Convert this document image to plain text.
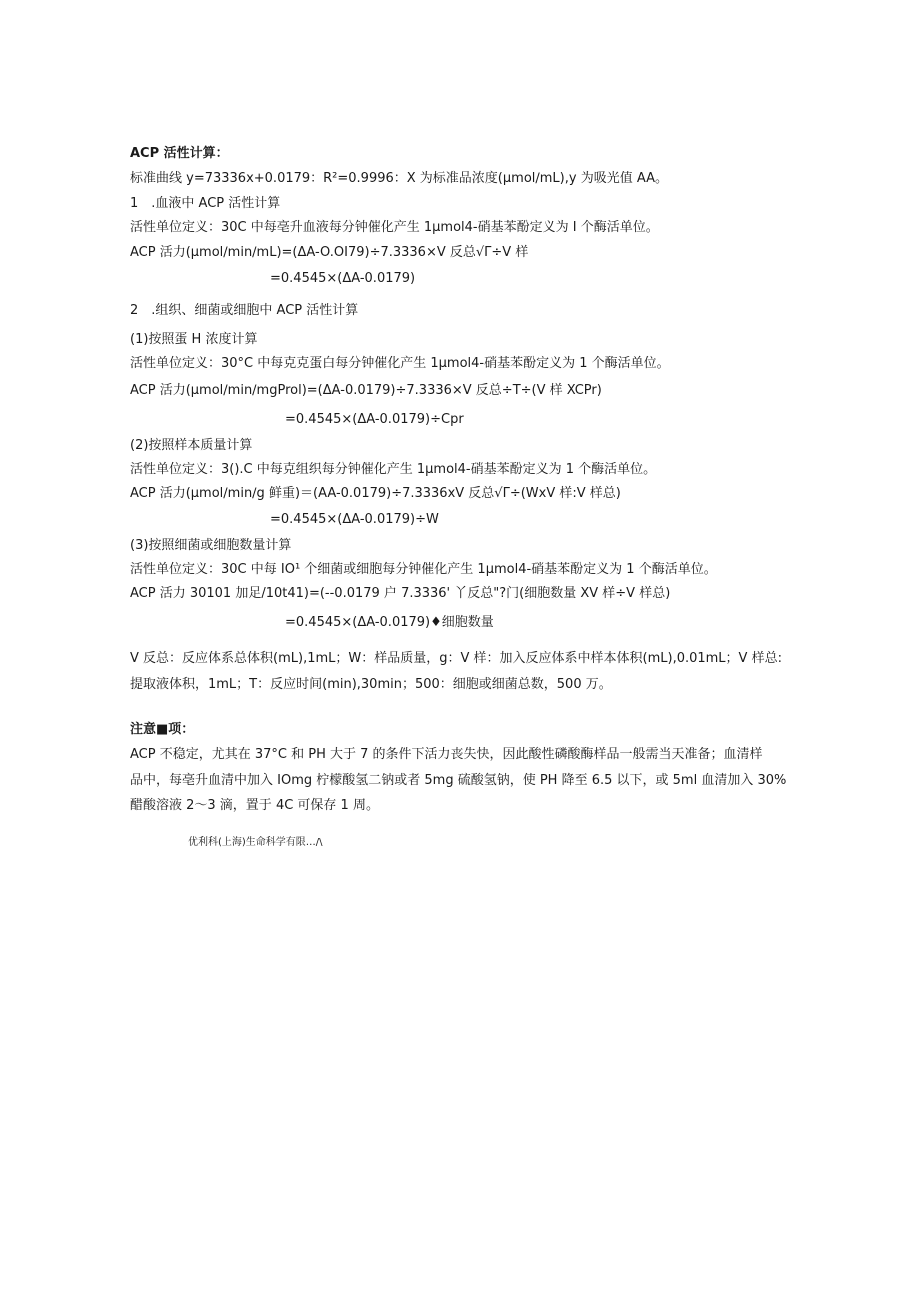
ACP 活性计算：
标准曲线 y=73336x+0.0179：R²=0.9996：X 为标准品浓度(μmol∕mL),y 为吸光值 AA。
1　.血液中 ACP 活性计算
活性单位定义：30C 中每亳升血液每分钟催化产生 1μmol4-硝基苯酚定义为 I 个酶活单位。
ACP 活力(μmol∕min∕mL)=(ΔA-O.OI79)÷7.3336×V 反总√Γ÷V 样
=0.4545×(ΔA-0.0179)
2　.组织、细菌或细胞中 ACP 活性计算
(1)按照蛋 H 浓度计算
活性单位定义：30°C 中每克克蛋白每分钟催化产生 1μmol4-硝基苯酚定义为 1 个酶活单位。
ACP 活力(μmol∕min∕mgProl)=(ΔA-0.0179)÷7.3336×V 反总÷T÷(V 样 XCPr)
=0.4545×(ΔA-0.0179)÷Cpr
(2)按照样本质量计算
活性单位定义：3().C 中每克组织每分钟催化产生 1μmol4-硝基苯酚定义为 1 个酶活单位。
ACP 活力(μmol∕min∕g 鲜重)＝(AA-0.0179)÷7.3336xV 反总√Γ÷(WxV 样:V 样总)
=0.4545×(ΔA-0.0179)÷W
(3)按照细菌或细胞数量计算
活性单位定义：30C 中每 IO¹ 个细菌或细胞每分钟催化产生 1μmol4-硝基苯酚定义为 1 个酶活单位。
ACP 活力 30101 加足/10t41)=(--0.0179 户 7.3336' 丫反总"?门(细胞数量 XV 样÷V 样总)
=0.4545×(ΔA-0.0179)♦细胞数量
V 反总：反应体系总体积(mL),1mL；W：样品质量，g：V 样：加入反应体系中样本体积(mL),0.01mL；V 样总:
提取液体积，1mL；T：反应时间(min),30min；500：细胞或细菌总数，500 万。
注意■项：
ACP 不稳定，尤其在 37°C 和 PH 大于 7 的条件下活力丧失快，因此酸性磷酸酶样品一般需当天准备；血清样
品中，每亳升血清中加入 IOmg 柠檬酸氢二钠或者 5mg 硫酸氢钠，使 PH 降至 6.5 以下，或 5ml 血清加入 30%
醋酸溶液 2～3 滴，置于 4C 可保存 1 周。
优利科(上海)生命科学有限…/\
